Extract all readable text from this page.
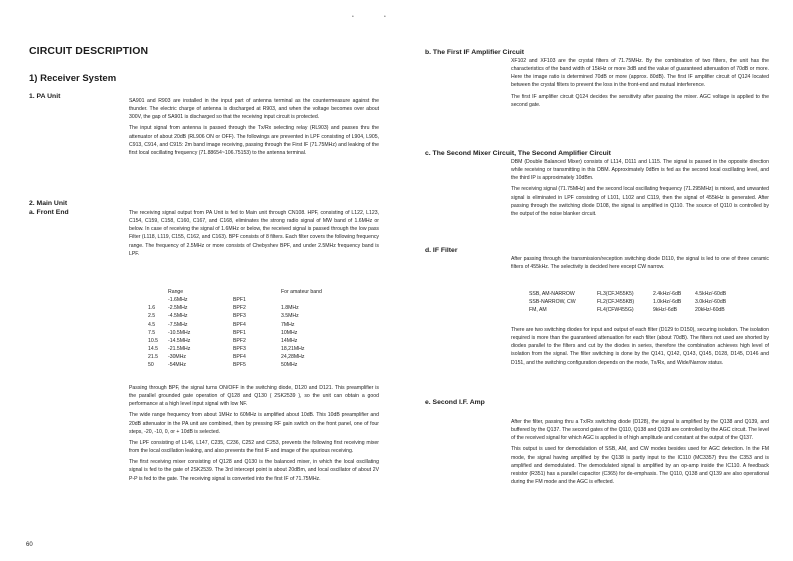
•	•
CIRCUIT DESCRIPTION
1) Receiver System
1. PA Unit

SA901 and R903 are installed in the input part of antenna terminal as the countermeasure against the thunder. The electric charge of antenna is discharged at R903, and when the voltage becomes over about 300V, the gap of SA901 is discharged so that the receiving input circuit is protected.

The input signal from antenna is passed through the Tx/Rx selecting relay (RL903) and passes thru the attenuator of about 20dB (RL906 ON or OFF). The followings are prevented in LPF consisting of L904, L905, C913, C914, and C915: 2m band image receiving, passing through the First IF (71.75MHz) and leaking of the first local oscillating frequency (71.88654~106.75153) to the antenna terminal.

2. Main Unit
a. Front End	The receiving signal output from PA Unit is fed to Main unit through CN108. HPF, consisting of L122, L123, C154, C159, C158, C160, C167, and C168, eliminates the strong radio signal of MW band of 1.6MHz or below. In case of receiving the signal of 1.6MHz or below, the received signal is passed through the low pass Filter (L118, L119, C155, C162, and C163). BPF consists of 8 filters. Each filter covers the following frequency range. The frequency of 2.5MHz or more consists of Chebyshev BPF, and under 2.5MHz frequency band is LPF.

	Range		For amateur band
	-1.6MHz	BPF1	
1.6	-2.5MHz	BPF2	1.8MHz
2.5	-4.5MHz	BPF3	3.5MHz
4.5	-7.5MHz	BPF4	7MHz
7.5	-10.5MHz	BPF1	10MHz
10.5	-14.5MHz	BPF2	14MHz
14.5	-21.5MHz	BPF3	18,21MHz
21.5	-30MHz	BPF4	24,28MHz
50	-54MHz	BPF5	50MHz

Passing through BPF, the signal turns ON/OFF in the switching diode, D120 and D121. This preamplifier is the parallel grounded gate operation of Q128 and Q130 ( 2SK2539 ), so the unit can obtain a good performance at a high level input signal with low NF.

The wide range frequency from about 1MHz to 60MHz is amplified about 10dB. This 10dB preamplifier and 20dB attenuator in the PA unit are combined, then by pressing RF gain switch on the front panel, one of four steps, -20, -10, 0, or + 10dB is selected.

The LPF consisting of L146, L147, C235, C236, C252 and C253, prevents the following first receiving mixer from the local oscillation leaking, and also prevents the first IF and image of the spurious receiving.

The first receiving mixer consisting of Q128 and Q130 is the balanced mixer, in which the local oscillating signal is fed to the gate of 2SK2539. The 3rd intercept point is about 20dBm, and local oscillator of about 2V P-P is fed to the gate. The receiving signal is converted into the first IF of 71.75MHz.

60
b. The First IF Amplifier Circuit

XF102 and XF103 are the crystal filters of 71.75MHz. By the combination of two filters, the unit has the characteristics of the band width of 15kHz or more 3dB and the value of guaranteed attenuation of 70dB or more. Here the image ratio is determined 70dB or more (approx. 80dB). The first IF amplifier circuit of Q124 located between the crystal filters to prevent the loss in the front-end and mutual interference.

The first IF amplifier circuit Q124 decides the sensitivity after passing the mixer. AGC voltage is applied to the second gate.

c. The Second Mixer Circuit, The Second Amplifier Circuit

DBM (Double Balanced Mixer) consists of L114, D111 and L115. The signal is passed in the opposite direction while receiving or transmitting in this DBM. Approximately 0dBm is fed as the second local oscillating level, and the third IP is approximately 10dBm.

The receiving signal (71.75MHz) and the second local oscillating frequency (71.295MHz) is mixed, and unwanted signal is eliminated in LPF consisting of L101, L102 and C119, then the signal of 455kHz is generated. After passing through the switching diode D108, the signal is amplified in Q110. The source of Q110 is controlled by the output of the noise blanker circuit.

d. IF Filter

After passing through the transmission/reception switching diode D110, the signal is led to one of three ceramic filters of 455kHz. The selectivity is decided here except CW narrow.

SSB, AM-NARROW	FL3(CFJ455K5)	2.4kHz/-6dB	4.5kHz/-60dB
SSB-NARROW, CW	FL2(CFJ455KB)	1.0kHz/-6dB	3.0kHz/-60dB
FM, AM	FL4(CFW455G)	9kHz/-6dB	20kHz/-60dB

There are two switching diodes for input and output of each filter (D129 to D150), securing isolation. The isolation required is more than the guaranteed attenuation for each filter (about 70dB). The filters not used are shorted by diodes parallel to the filters and cut by the diodes in series, therefore the combination achieves high level of isolation from the signal. The filter switching is done by the Q141, Q142, Q143, Q145, D128, D145, D146 and D151, and the switching configuration depends on the mode, Tx/Rx, and Wide/Narrow status.

e. Second I.F. Amp

After the filter, passing thru a Tx/Rx switching diode (D128), the signal is amplified by the Q138 and Q139, and buffered by the Q137. The second gates of the Q110, Q138 and Q139 are controlled by the AGC circuit. The level of the received signal for which AGC is applied is of high amplitude and constant at the output of the Q137.

This output is used for demodulation of SSB, AM, and CW modes besides used for AGC detection. In the FM mode, the signal having amplified by the Q138 is partly input to the IC110 (MC3357) thru the C353 and is amplified and demodulated. The demodulated signal is amplified by an op-amp inside the IC110. A feedback resistor (R351) has a parallel capacitor (C365) for de-emphasis. The Q110, Q138 and Q139 are also operational during the FM mode and the AGC is effected.
